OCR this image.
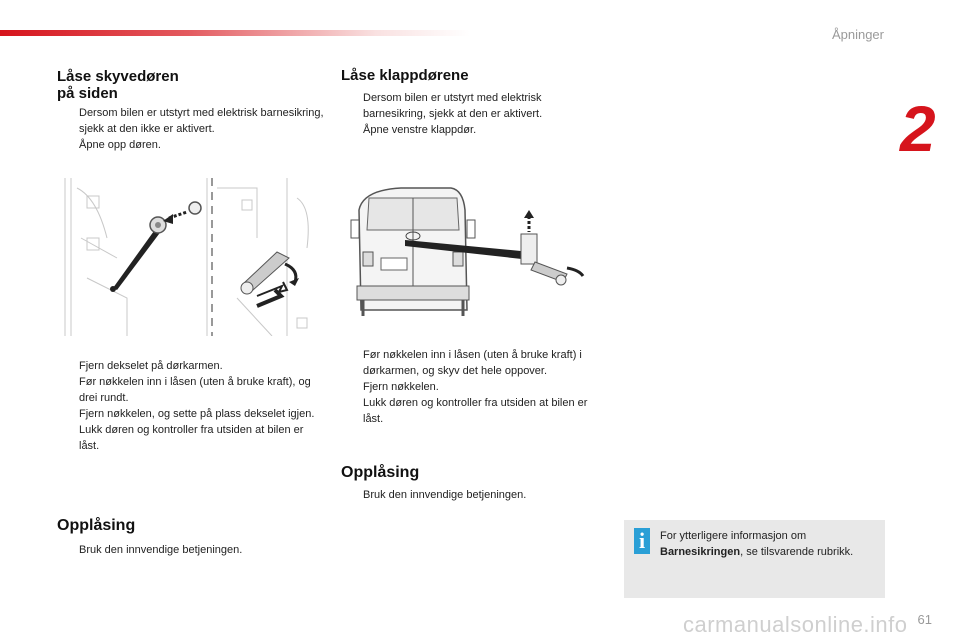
Åpninger
2
Låse skyvedøren
på siden
Dersom bilen er utstyrt med elektrisk barnesikring, sjekk at den ikke er aktivert.
Åpne opp døren.
Fjern dekselet på dørkarmen.
Før nøkkelen inn i låsen (uten å bruke kraft), og drei rundt.
Fjern nøkkelen, og sette på plass dekselet igjen.
Lukk døren og kontroller fra utsiden at bilen er låst.
Opplåsing
Bruk den innvendige betjeningen.
Låse klappdørene
Dersom bilen er utstyrt med elektrisk barnesikring, sjekk at den er aktivert.
Åpne venstre klappdør.
Før nøkkelen inn i låsen (uten å bruke kraft) i dørkarmen, og skyv det hele oppover.
Fjern nøkkelen.
Lukk døren og kontroller fra utsiden at bilen er låst.
Opplåsing
Bruk den innvendige betjeningen.
i	For ytterligere informasjon om Barnesikringen, se tilsvarende rubrikk.
carmanualsonline.info 61
